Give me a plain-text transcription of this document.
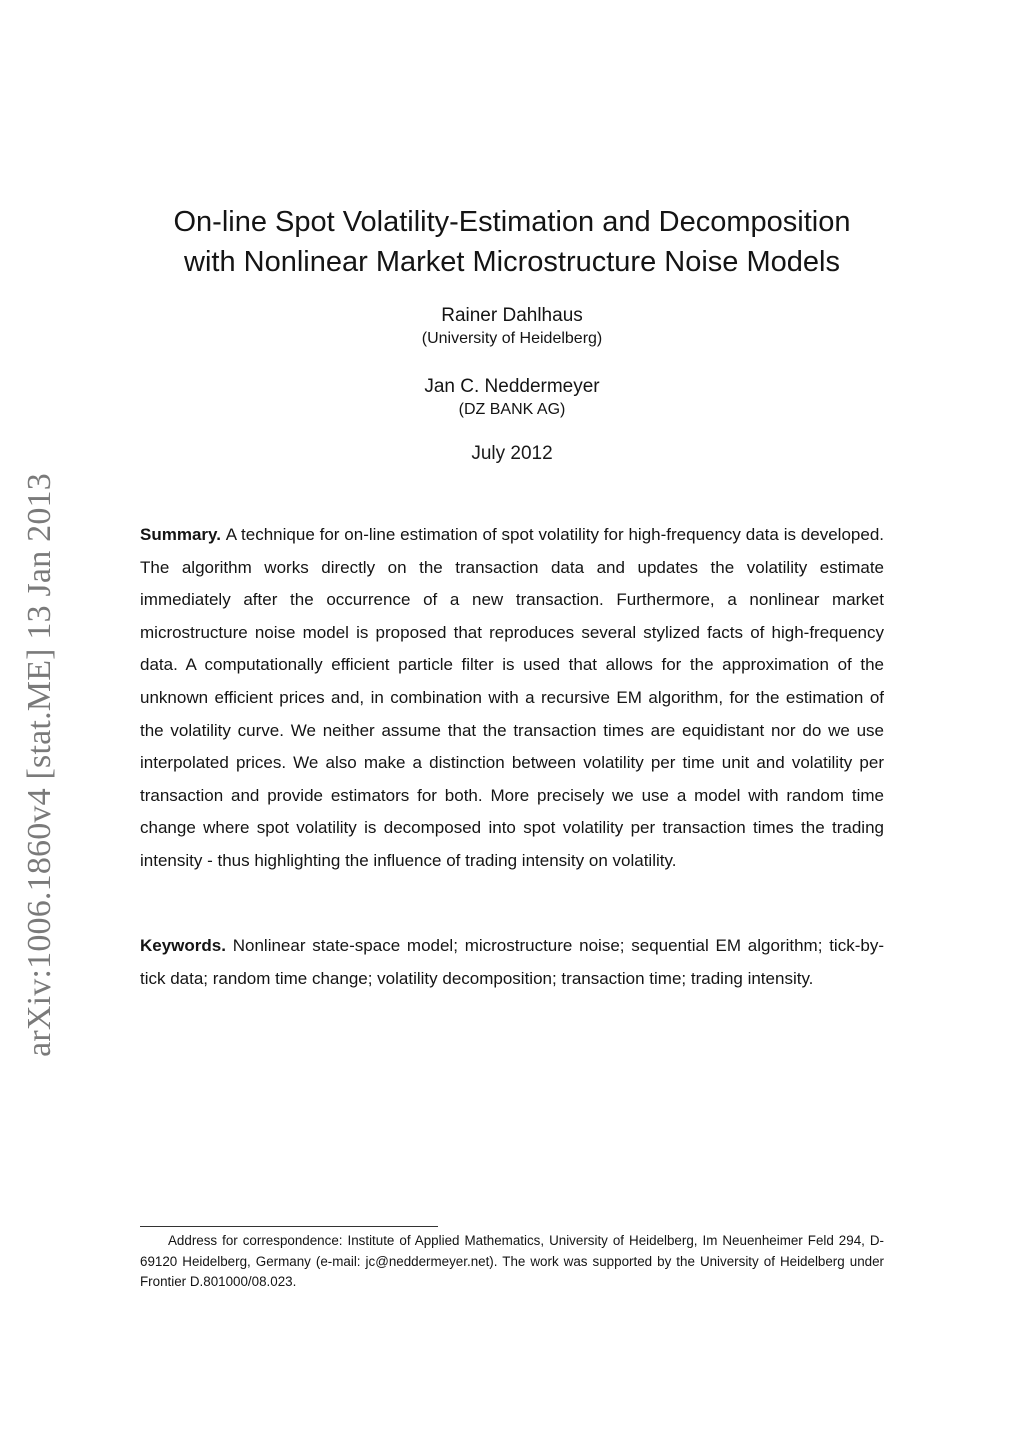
arXiv:1006.1860v4 [stat.ME] 13 Jan 2013
On-line Spot Volatility-Estimation and Decomposition
with Nonlinear Market Microstructure Noise Models
Rainer Dahlhaus
(University of Heidelberg)
Jan C. Neddermeyer
(DZ BANK AG)
July 2012
Summary. A technique for on-line estimation of spot volatility for high-frequency data is developed. The algorithm works directly on the transaction data and updates the volatility estimate immediately after the occurrence of a new transaction. Furthermore, a nonlinear market microstructure noise model is proposed that reproduces several stylized facts of high-frequency data. A computationally efficient particle filter is used that allows for the approximation of the unknown efficient prices and, in combination with a recursive EM algorithm, for the estimation of the volatility curve. We neither assume that the transaction times are equidistant nor do we use interpolated prices. We also make a distinction between volatility per time unit and volatility per transaction and provide estimators for both. More precisely we use a model with random time change where spot volatility is decomposed into spot volatility per transaction times the trading intensity - thus highlighting the influence of trading intensity on volatility.
Keywords. Nonlinear state-space model; microstructure noise; sequential EM algorithm; tick-by-tick data; random time change; volatility decomposition; transaction time; trading intensity.
Address for correspondence: Institute of Applied Mathematics, University of Heidelberg, Im Neuenheimer Feld 294, D-69120 Heidelberg, Germany (e-mail: jc@neddermeyer.net). The work was supported by the University of Heidelberg under Frontier D.801000/08.023.
